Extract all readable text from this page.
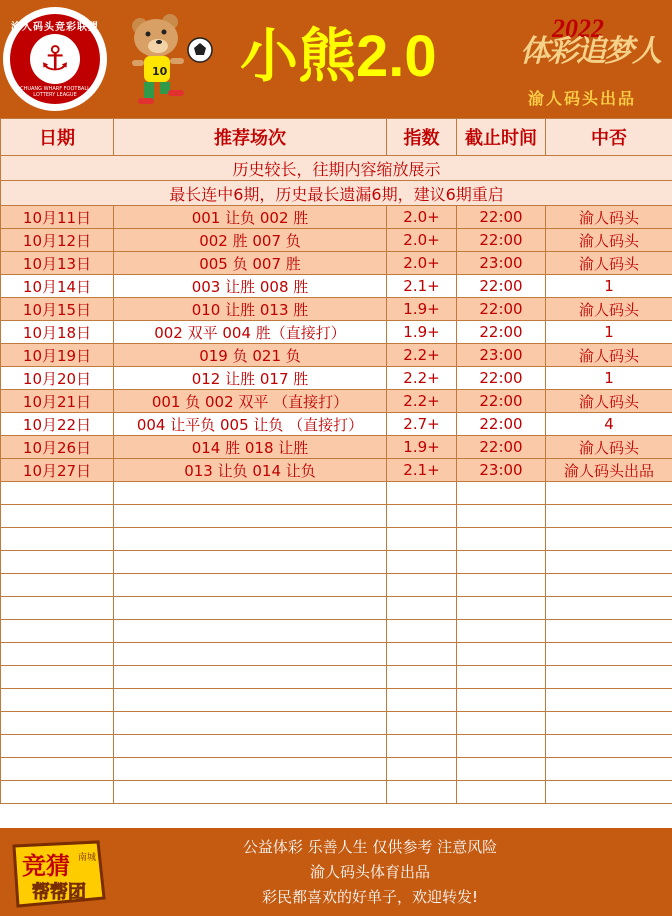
渝人码头竞彩联盟
⚓
CHUANG WHARF FOOTBALL LOTTERY LEAGUE
10 小熊2.0	2022
体彩追梦人
渝人码头出品
日期	推荐场次	指数	截止时间	中否
历史较长，往期内容缩放展示				
最长连中6期，历史最长遗漏6期，建议6期重启				
10月11日	001 让负 002 胜	2.0+	22:00	渝人码头
10月12日	002 胜 007 负	2.0+	22:00	渝人码头
10月13日	005 负 007 胜	2.0+	23:00	渝人码头
10月14日	003 让胜 008 胜	2.1+	22:00	1
10月15日	010 让胜 013 胜	1.9+	22:00	渝人码头
10月18日	002 双平 004 胜（直接打）	1.9+	22:00	1
10月19日	019 负 021 负	2.2+	23:00	渝人码头
10月20日	012 让胜 017 胜	2.2+	22:00	1
10月21日	001 负 002 双平 （直接打）	2.2+	22:00	渝人码头
10月22日	004 让平负 005 让负 （直接打）	2.7+	22:00	4
10月26日	014 胜 018 让胜	1.9+	22:00	渝人码头
10月27日	013 让负 014 让负	2.1+	23:00	渝人码头出品

竞猜 南城
帮帮团
公益体彩 乐善人生 仅供参考 注意风险
渝人码头体育出品
彩民都喜欢的好单子，欢迎转发!
